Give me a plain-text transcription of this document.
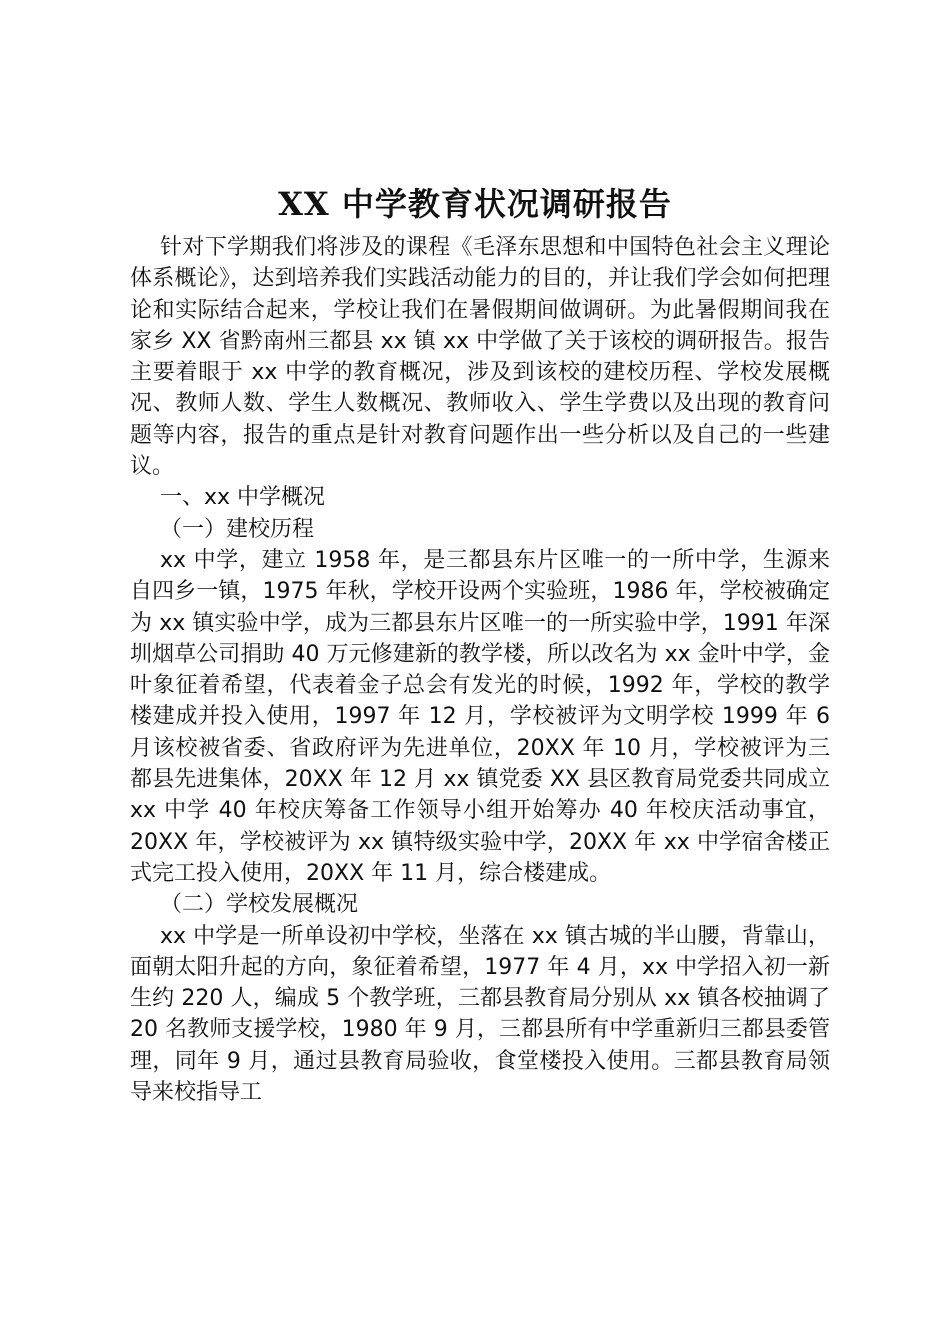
XX 中学教育状况调研报告

针对下学期我们将涉及的课程《毛泽东思想和中国特色社会主义理论体系概论》，达到培养我们实践活动能力的目的，并让我们学会如何把理论和实际结合起来，学校让我们在暑假期间做调研。为此暑假期间我在家乡 XX 省黔南州三都县 xx 镇 xx 中学做了关于该校的调研报告。报告主要着眼于 xx 中学的教育概况，涉及到该校的建校历程、学校发展概况、教师人数、学生人数概况、教师收入、学生学费以及出现的教育问题等内容，报告的重点是针对教育问题作出一些分析以及自己的一些建议。

一、xx 中学概况

（一）建校历程

xx 中学，建立 1958 年，是三都县东片区唯一的一所中学，生源来自四乡一镇，1975 年秋，学校开设两个实验班，1986 年，学校被确定为 xx 镇实验中学，成为三都县东片区唯一的一所实验中学，1991 年深圳烟草公司捐助 40 万元修建新的教学楼，所以改名为 xx 金叶中学，金叶象征着希望，代表着金子总会有发光的时候，1992 年，学校的教学楼建成并投入使用，1997 年 12 月，学校被评为文明学校 1999 年 6 月该校被省委、省政府评为先进单位，20XX 年 10 月，学校被评为三都县先进集体，20XX 年 12 月 xx 镇党委 XX 县区教育局党委共同成立 xx 中学 40 年校庆筹备工作领导小组开始筹办 40 年校庆活动事宜，20XX 年，学校被评为 xx 镇特级实验中学，20XX 年 xx 中学宿舍楼正式完工投入使用，20XX 年 11 月，综合楼建成。

（二）学校发展概况

xx 中学是一所单设初中学校，坐落在 xx 镇古城的半山腰，背靠山，面朝太阳升起的方向，象征着希望，1977 年 4 月，xx 中学招入初一新生约 220 人，编成 5 个教学班，三都县教育局分别从 xx 镇各校抽调了 20 名教师支援学校，1980 年 9 月，三都县所有中学重新归三都县委管理，同年 9 月，通过县教育局验收，食堂楼投入使用。三都县教育局领导来校指导工
